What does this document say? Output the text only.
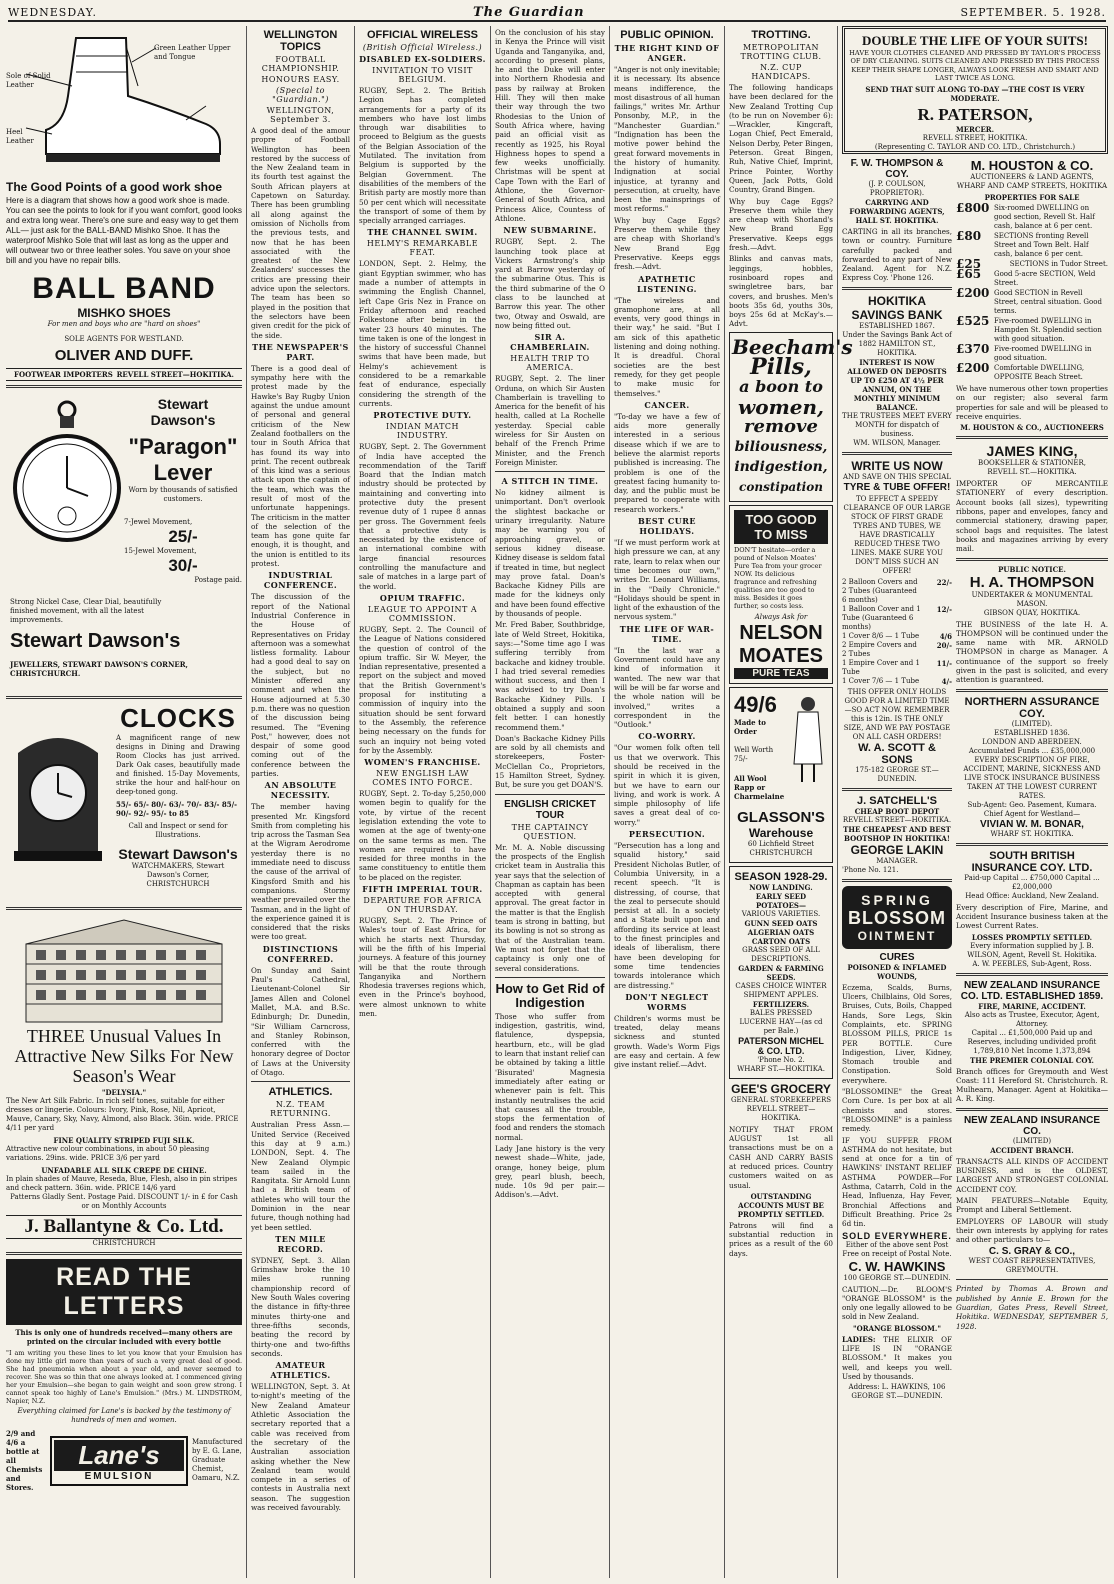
WEDNESDAY.	The Guardian	SEPTEMBER. 5. 1928.
Sole of Solid Leather
Green Leather Upper and Tongue
Heel Leather
The Good Points of a good work shoe
Here is a diagram that shows how a good work shoe is made. You can see the points to look for if you want comfort, good looks and extra long wear. There's one sure and easy way to get them ALL— just ask for the BALL-BAND Mishko Shoe. It has the waterproof Mishko Sole that will last as long as the upper and will outwear two or three leather soles. You save on your shoe bill and you have no repair bills.
BALL BAND
MISHKO SHOES
For men and boys who are "hard on shoes"
SOLE AGENTS FOR WESTLAND.
OLIVER AND DUFF.
FOOTWEAR IMPORTERS REVELL STREET—HOKITIKA.
Stewart Dawson's
"Paragon"
Lever
Worn by thousands of satisfied customers.
7-Jewel Movement,
25/-
15-Jewel Movement,
30/-
Postage paid.
Strong Nickel Case, Clear Dial, beautifully finished movement, with all the latest improvements.
Stewart Dawson's
JEWELLERS, STEWART DAWSON'S CORNER, CHRISTCHURCH.
CLOCKS
A magnificent range of new designs in Dining and Drawing Room Clocks has just arrived. Dark Oak cases, beautifully made and finished. 15-Day Movements, strike the hour and half-hour on deep-toned gong.
55/- 65/- 80/- 63/- 70/- 83/- 85/- 90/- 92/- 95/- to 85
Call and Inspect or send for Illustrations.
Stewart Dawson's
WATCHMAKERS, Stewart Dawson's Corner, CHRISTCHURCH
THREE Unusual Values In Attractive New Silks For New Season's Wear
"DELYSIA."
The New Art Silk Fabric. In rich self tones, suitable for either dresses or lingerie. Colours: Ivory, Pink, Rose, Nil, Apricot, Mauve, Canary, Sky, Navy, Almond, also Black. 36in. wide. PRICE 4/11 per yard
FINE QUALITY STRIPED FUJI SILK.
Attractive new colour combinations, in about 50 pleasing variations. 29ins. wide. PRICE 3/6 per yard
UNFADABLE ALL SILK CREPE DE CHINE.
In plain shades of Mauve, Reseda, Blue, Flesh, also in pin stripes and check pattern. 36in. wide. PRICE 14/6 yard
Patterns Gladly Sent. Postage Paid. DISCOUNT 1/- in £ for Cash or on Monthly Accounts
J. Ballantyne & Co. Ltd.
CHRISTCHURCH
READ THE LETTERS
This is only one of hundreds received—many others are printed on the circular included with every bottle
"I am writing you these lines to let you know that your Emulsion has done my little girl more than years of such a very great deal of good. She had pneumonia when about a year old, and never seemed to recover. She was so thin that one always looked at. I commenced giving her your Emulsion—she began to gain weight and soon grew strong. I cannot speak too highly of Lane's Emulsion." (Mrs.) M. LINDSTROM, Napier, N.Z.
Everything claimed for Lane's is backed by the testimony of hundreds of men and women.
2/9 and 4/6 a bottle at all Chemists and Stores.
Lane's
EMULSION
Manufactured by E. G. Lane, Graduate Chemist, Oamaru, N.Z.
WELLINGTON TOPICS
FOOTBALL CHAMPIONSHIP.
HONOURS EASY.
(Special to "Guardian.")
WELLINGTON, September 3.
A good deal of the amour propre of Football Wellington has been restored by the success of the New Zealand team in its fourth test against the South African players at Capetown on Saturday. There has been grumbling all along against the omission of Nicholls from the previous tests, and now that he has been associated with the greatest of the New Zealanders' successes the critics are pressing their advice upon the selectors. The team has been so played in the position that the selectors have been given credit for the pick of the side.
THE NEWSPAPER'S PART.
There is a good deal of sympathy here with the protest made by the Hawke's Bay Rugby Union against the undue amount of personal and general criticism of the New Zealand footballers on the tour in South Africa that has found its way into print. The recent outbreak of this kind was a serious attack upon the captain of the team, which was the result of most of the unfortunate happenings. The criticism in the matter of the selection of the team has gone quite far enough, it is thought, and the union is entitled to its protest.
INDUSTRIAL CONFERENCE.
The discussion of the report of the National Industrial Conference in the House of Representatives on Friday afternoon was a somewhat listless formality. Labour had a good deal to say on the subject, but no Minister offered any comment and when the House adjourned at 5.30 p.m. there was no question of the discussion being resumed. The "Evening Post," however, does not despair of some good coming out of the conference between the parties.
AN ABSOLUTE NECESSITY.
The member having presented Mr. Kingsford Smith from completing his trip across the Tasman Sea at the Wigram Aerodrome yesterday there is no immediate need to discuss the cause of the arrival of Kingsford Smith and his companions. Stormy weather prevailed over the Tasman, and in the light of the experience gained it is considered that the risks were too great.
DISTINCTIONS CONFERRED.
On Sunday and Saint Paul's Cathedral, Lieutenant-Colonel Sir James Allen and Colonel Mallet, M.A. and B.Sc. Edinburgh; Dr. Dunedin, "Sir William Carncross, and Stanley Robinson, conferred with the honorary degree of Doctor of Laws at the University of Otago.
ATHLETICS.
N.Z. TEAM RETURNING.
Australian Press Assn.—United Service (Received this day at 9 a.m.) LONDON, Sept. 4. The New Zealand Olympic team sailed in the Rangitata. Sir Arnold Lunn had a British team of athletes who will tour the Dominion in the near future, though nothing had yet been settled.
TEN MILE RECORD.
SYDNEY, Sept. 3. Allan Grimshaw broke the 10 miles running championship record of New South Wales covering the distance in fifty-three minutes thirty-one and three-fifths seconds, beating the record by thirty-one and two-fifths seconds.
AMATEUR ATHLETICS.
WELLINGTON, Sept. 3. At to-night's meeting of the New Zealand Amateur Athletic Association the secretary reported that a cable was received from the secretary of the Australian association asking whether the New Zealand team would compete in a series of contests in Australia next season. The suggestion was received favourably.
OFFICIAL WIRELESS
(British Official Wireless.)
DISABLED EX-SOLDIERS.
INVITATION TO VISIT BELGIUM.
RUGBY, Sept. 2. The British Legion has completed arrangements for a party of its members who have lost limbs through war disabilities to proceed to Belgium as the guests of the Belgian Association of the Mutilated. The invitation from Belgium is supported by the Belgian Government. The disabilities of the members of the British party are mostly more than 50 per cent which will necessitate the transport of some of them by specially arranged carriages.
THE CHANNEL SWIM.
HELMY'S REMARKABLE FEAT.
LONDON, Sept. 2. Helmy, the giant Egyptian swimmer, who has made a number of attempts in swimming the English Channel, left Cape Gris Nez in France on Friday afternoon and reached Folkestone after being in the water 23 hours 40 minutes. The time taken is one of the longest in the history of successful Channel swims that have been made, but Helmy's achievement is considered to be a remarkable feat of endurance, especially considering the strength of the currents.
PROTECTIVE DUTY.
INDIAN MATCH INDUSTRY.
RUGBY, Sept. 2. The Government of India have accepted the recommendation of the Tariff Board that the Indian match industry should be protected by maintaining and converting into protective duty the present revenue duty of 1 rupee 8 annas per gross. The Government feels that a protective duty is necessitated by the existence of an international combine with large financial resources controlling the manufacture and sale of matches in a large part of the world.
OPIUM TRAFFIC.
LEAGUE TO APPOINT A COMMISSION.
RUGBY, Sept. 2. The Council of the League of Nations considered the question of control of the opium traffic. Sir W. Meyer, the Indian representative, presented a report on the subject and moved that the British Government's proposal for instituting a commission of inquiry into the situation should be sent forward to the Assembly, the reference being necessary on the funds for such an inquiry not being voted for by the Assembly.
WOMEN'S FRANCHISE.
NEW ENGLISH LAW COMES INTO FORCE.
RUGBY, Sept. 2. To-day 5,250,000 women begin to qualify for the vote, by virtue of the recent legislation extending the vote to women at the age of twenty-one on the same terms as men. The women are required to have resided for three months in the same constituency to entitle them to be placed on the register.
FIFTH IMPERIAL TOUR.
DEPARTURE FOR AFRICA ON THURSDAY.
RUGBY, Sept. 2. The Prince of Wales's tour of East Africa, for which he starts next Thursday, will be the fifth of his Imperial journeys. A feature of this journey will be that the route through Tanganyika and Northern Rhodesia traverses regions which, even in the Prince's boyhood, were almost unknown to white men.
On the conclusion of his stay in Kenya the Prince will visit Uganda and Tanganyika, and, according to present plans, he and the Duke will enter into Northern Rhodesia and pass by railway at Broken Hill. They will then make their way through the two Rhodesias to the Union of South Africa where, having paid an official visit as recently as 1925, his Royal Highness hopes to spend a few weeks unofficially. Christmas will be spent at Cape Town with the Earl of Athlone, the Governor-General of South Africa, and Princess Alice, Countess of Athlone.
NEW SUBMARINE.
RUGBY, Sept. 2. The launching took place at Vickers Armstrong's ship yard at Barrow yesterday of the submarine Otus. This is the third submarine of the O class to be launched at Barrow this year. The other two, Otway and Oswald, are now being fitted out.
SIR A. CHAMBERLAIN.
HEALTH TRIP TO AMERICA.
RUGBY, Sept. 2. The liner Orduna, on which Sir Austen Chamberlain is travelling to America for the benefit of his health, called at La Rochelle yesterday. Special cable wireless for Sir Austen on behalf of the French Prime Minister, and the French Foreign Minister.
A STITCH IN TIME.
No kidney ailment is unimportant. Don't overlook the slightest backache or urinary irregularity. Nature may be warning you of approaching gravel, or serious kidney disease. Kidney disease is seldom fatal if treated in time, but neglect may prove fatal. Doan's Backache Kidney Pills are made for the kidneys only and have been found effective by thousands of people.
Mr. Fred Baber, Southbridge, late of Weld Street, Hokitika, says:—"Some time ago I was suffering terribly from backache and kidney trouble. I had tried several remedies without success, and then I was advised to try Doan's Backache Kidney Pills. I obtained a supply and soon felt better. I can honestly recommend them."
Doan's Backache Kidney Pills are sold by all chemists and storekeepers, Foster-McClellan Co., Proprietors, 15 Hamilton Street, Sydney. But, be sure you get DOAN'S.
ENGLISH CRICKET TOUR
THE CAPTAINCY QUESTION.
Mr. M. A. Noble discussing the prospects of the English cricket team in Australia this year says that the selection of Chapman as captain has been accepted with general approval. The great factor in the matter is that the English team is strong in batting, but its bowling is not so strong as that of the Australian team. We must not forget that the captaincy is only one of several considerations.
How to Get Rid of Indigestion
Those who suffer from indigestion, gastritis, wind, flatulence, dyspepsia, heartburn, etc., will be glad to learn that instant relief can be obtained by taking a little 'Bisurated' Magnesia immediately after eating or whenever pain is felt. This instantly neutralises the acid that causes all the trouble, stops the fermentation of food and renders the stomach normal.
Lady Jane history is the very newest shade—White, jade, orange, honey beige, plum grey, pearl blush, beech, nude. 10s 9d per pair.—Addison's.—Advt.
PUBLIC OPINION.
THE RIGHT KIND OF ANGER.
"Anger is not only inevitable; it is necessary. Its absence means indifference, the most disastrous of all human failings," writes Mr. Arthur Ponsonby, M.P., in the "Manchester Guardian." "Indignation has been the motive power behind the great forward movements in the history of humanity. Indignation at social injustice, at tyranny and persecution, at cruelty, have been the mainsprings of most reforms."
Why buy Cage Eggs? Preserve them while they are cheap with Shorland's New Brand Egg Preservative. Keeps eggs fresh.—Advt.
APATHETIC LISTENING.
"The wireless and gramophone are, at all events, very good things in their way," he said. "But I am sick of this apathetic listening and doing nothing. It is dreadful. Choral societies are the best remedy, for they get people to make music for themselves."
CANCER.
"To-day we have a few of aids more generally interested in a serious disease which if we are to believe the alarmist reports published is increasing. The problem is one of the greatest facing humanity to-day, and the public must be prepared to cooperate with research workers."
BEST CURE HOLIDAYS.
"If we must perform work at high pressure we can, at any rate, learn to relax when our time becomes our own," writes Dr. Leonard Williams, in the "Daily Chronicle." "Holidays should be spent in light of the exhaustion of the nervous system."
THE LIFE OF WAR-TIME.
"In the last war a Government could have any kind of information it wanted. The new war that will be will be far worse and the whole nation will be involved," writes a correspondent in the "Outlook."
CO-WORRY.
"Our women folk often tell us that we overwork. This should be received in the spirit in which it is given, but we have to earn our living, and work is work. A simple philosophy of life saves a great deal of co-worry."
PERSECUTION.
"Persecution has a long and squalid history," said President Nicholas Butler, of Columbia University, in a recent speech. "It is distressing, of course, that the zeal to persecute should persist at all. In a society and a State built upon and affording its service at least to the finest principles and ideals of liberalism, there have been developing for some time tendencies towards intolerance which are distressing."
DON'T NEGLECT WORMS
Children's worms must be treated, delay means sickness and stunted growth. Wade's Worm Figs are easy and certain. A few give instant relief.—Advt.
TROTTING.
METROPOLITAN TROTTING CLUB.
N.Z. CUP HANDICAPS.
The following handicaps have been declared for the New Zealand Trotting Cup (to be run on November 6):—Wrackler, Kingcraft, Logan Chief, Pect Emerald, Nelson Derby, Peter Bingen, Peterson. Great Bingen, Ruh, Native Chief, Imprint, Prince Pointer, Worthy Queen, Jack Potts, Gold Country, Grand Bingen.
Why buy Cage Eggs? Preserve them while they are cheap with Shorland's New Brand Egg Preservative. Keeps eggs fresh.—Advt.
Blinks and canvas mats, leggings, hobbles, rosinboard ropes and swingletree bars, bar covers, and brushes. Men's boots 35s 6d, youths 30s, boys 25s 6d at McKay's.—Advt.
Beecham's
Pills,
a boon to
women,
remove
biliousness,
indigestion,
constipation
TOO GOOD TO MISS
DON'T hesitate—order a pound of Nelson Moates' Pure Tea from your grocer NOW. Its delicious fragrance and refreshing qualities are too good to miss. Besides it goes further, so costs less.
Always Ask for
NELSON
MOATES
PURE TEAS
49/6
Made to Order
Well Worth 75/-
All Wool Rapp or Charmelaine
GLASSON'S
Warehouse
60 Lichfield Street CHRISTCHURCH
SEASON 1928-29.
NOW LANDING.
EARLY SEED POTATOES—
VARIOUS VARIETIES.
GUNN SEED OATS ALGERIAN OATS CARTON OATS
GRASS SEED OF ALL DESCRIPTIONS.
GARDEN & FARMING SEEDS.
CASES CHOICE WINTER SHIPMENT APPLES.
FERTILIZERS.
BALES PRESSED LUCERNE HAY—(as cd per Bale.)
PATERSON MICHEL & CO. LTD.
'Phone No. 2.
WHARF ST.—HOKITIKA.
GEE'S GROCERY
GENERAL STOREKEEPERS
REVELL STREET—HOKITIKA.
NOTIFY THAT FROM AUGUST 1st all transactions must be on a CASH AND CARRY BASIS at reduced prices. Country customers waited on as usual.
OUTSTANDING ACCOUNTS MUST BE PROMPTLY SETTLED.
Patrons will find a substantial reduction in prices as a result of the 60 days.
DOUBLE THE LIFE OF YOUR SUITS!
HAVE YOUR CLOTHES CLEANED AND PRESSED BY TAYLOR'S PROCESS OF DRY CLEANING. SUITS CLEANED AND PRESSED BY THIS PROCESS KEEP THEIR SHAPE LONGER, ALWAYS LOOK FRESH AND SMART AND LAST TWICE AS LONG.
SEND THAT SUIT ALONG TO-DAY —THE COST IS VERY MODERATE.
R. PATERSON,
MERCER.
REVELL STREET, HOKITIKA.
(Representing C. TAYLOR AND CO. LTD., Christchurch.)
F. W. THOMPSON & COY.
(J. P. COULSON, PROPRIETOR).
CARRYING AND FORWARDING AGENTS, HALL ST. HOKITIKA.
CARTING in all its branches, town or country. Furniture carefully packed and forwarded to any part of New Zealand. Agent for N.Z. Express Coy. 'Phone 126.
HOKITIKA SAVINGS BANK
ESTABLISHED 1867.
Under the Savings Bank Act of 1882 HAMILTON ST., HOKITIKA.
INTEREST IS NOW ALLOWED ON DEPOSITS UP TO £250 AT 4½ PER ANNUM, ON THE MONTHLY MINIMUM BALANCE.
THE TRUSTEES MEET EVERY MONTH for dispatch of business.
WM. WILSON, Manager.
WRITE US NOW
AND SAVE ON THIS SPECIAL
TYRE & TUBE OFFER!
TO EFFECT A SPEEDY CLEARANCE OF OUR LARGE STOCK OF FIRST GRADE TYRES AND TUBES, WE HAVE DRASTICALLY REDUCED THESE TWO LINES. MAKE SURE YOU DON'T MISS SUCH AN OFFER!
2 Balloon Covers and 2 Tubes (Guaranteed 6 months)
22/-
1 Balloon Cover and 1 Tube (Guaranteed 6 months)
12/-
1 Cover 8/6 — 1 Tube	4/6
2 Empire Covers and 2 Tubes
20/-
1 Empire Cover and 1 Tube
11/-
1 Cover 7/6 — 1 Tube	4/-
THIS OFFER ONLY HOLDS GOOD FOR A LIMITED TIME—SO ACT NOW. REMEMBER this is 12in. IS THE ONLY SIZE, AND WE PAY POSTAGE ON ALL CASH ORDERS!
W. A. SCOTT & SONS
175-182 GEORGE ST.—DUNEDIN.
J. SATCHELL'S
CHEAP BOOT DEPOT
REVELL STREET—HOKITIKA.
THE CHEAPEST AND BEST BOOTSHOP IN HOKITIKA!
GEORGE LAKIN
MANAGER.
'Phone No. 121.
SPRING
BLOSSOM
OINTMENT
CURES
POISONED & INFLAMED WOUNDS,
Eczema, Scalds, Burns, Ulcers, Chilblains, Old Sores, Bruises, Cuts, Boils, Chapped Hands, Sore Legs, Skin Complaints, etc. SPRING BLOSSOM PILLS, PRICE 1s PER BOTTLE. Cure Indigestion, Liver, Kidney, Stomach trouble and Constipation. Sold everywhere.
"BLOSSOMINE" the Great Corn Cure. 1s per box at all chemists and stores. "BLOSSOMINE" is a painless remedy.
IF YOU SUFFER FROM ASTHMA do not hesitate, but send at once for a tin of HAWKINS' INSTANT RELIEF ASTHMA POWDER—For Asthma, Catarrh, Cold in the Head, Influenza, Hay Fever, Bronchial Affections and Difficult Breathing. Price 2s 6d tin.
SOLD EVERYWHERE.
Either of the above sent Post Free on receipt of Postal Note.
C. W. HAWKINS
100 GEORGE ST.—DUNEDIN.
CAUTION.—Dr. BLOOM'S "ORANGE BLOSSOM" is the only one legally allowed to be sold in New Zealand.
"ORANGE BLOSSOM."
LADIES: THE ELIXIR OF LIFE IS IN "ORANGE BLOSSOM." It makes you well, and keeps you well. Used by thousands.
Address: L. HAWKINS, 106 GEORGE ST.—DUNEDIN.
M. HOUSTON & CO.
AUCTIONEERS & LAND AGENTS,
WHARF AND CAMP STREETS, HOKITIKA
PROPERTIES FOR SALE
£800 Six-roomed DWELLING on good section, Revell St. Half cash, balance at 6 per cent.
£80	SECTIONS fronting Revell Street and Town Belt. Half cash, balance 6 per cent.
£25	SECTIONS in Tudor Street.
£65	Good 5-acre SECTION, Weld Street.
£200 Good SECTION in Revell Street, central situation. Good terms.
£525 Five-roomed DWELLING in Hampden St. Splendid section with good situation.
£370 Five-roomed DWELLING in good situation.
£200 Comfortable DWELLING, OPPOSITE Beach Street.
We have numerous other town properties on our register; also several farm properties for sale and will be pleased to receive enquiries.
M. HOUSTON & CO., AUCTIONEERS
JAMES KING,
BOOKSELLER & STATIONER,
REVELL ST.—HOKITIKA.
IMPORTER OF MERCANTILE STATIONERY of every description. Account books (all sizes), typewriting ribbons, paper and envelopes, fancy and commercial stationery, drawing paper, school bags and requisites. The latest books and magazines arriving by every mail.
PUBLIC NOTICE.
H. A. THOMPSON
UNDERTAKER & MONUMENTAL MASON.
GIBSON QUAY, HOKITIKA.
THE BUSINESS of the late H. A. THOMPSON will be continued under the same name with MR. ARNOLD THOMPSON in charge as Manager. A continuance of the support so freely given in the past is solicited, and every attention is guaranteed.
NORTHERN ASSURANCE COY.
(LIMITED).
ESTABLISHED 1836.
LONDON AND ABERDEEN.
Accumulated Funds ... £35,000,000
EVERY DESCRIPTION OF FIRE, ACCIDENT, MARINE, SICKNESS AND LIVE STOCK INSURANCE BUSINESS TAKEN AT THE LOWEST CURRENT RATES.
Sub-Agent: Geo. Pasement, Kumara.
Chief Agent for Westland—
VIVIAN W. M. BONAR,
WHARF ST. HOKITIKA.
SOUTH BRITISH INSURANCE COY. LTD.
Paid-up Capital ... £750,000 Capital ... £2,000,000
Head Office: Auckland, New Zealand.
Every description of Fire, Marine, and Accident Insurance business taken at the Lowest Current Rates.
LOSSES PROMPTLY SETTLED.
Every information supplied by J. B. WILSON, Agent, Revell St. Hokitika.
A. W. PEEBLES, Sub-Agent, Ross.
NEW ZEALAND INSURANCE CO. LTD. ESTABLISHED 1859.
FIRE, MARINE, ACCIDENT.
Also acts as Trustee, Executor, Agent, Attorney.
Capital ... £1,500,000 Paid up and Reserves, including undivided profit 1,789,810 Net Income 1,373,894
THE PREMIER COLONIAL COY.
Branch offices for Greymouth and West Coast: 111 Hereford St. Christchurch. R. Mulhearn, Manager. Agent at Hokitika—A. R. King.
NEW ZEALAND INSURANCE CO.
(LIMITED)
ACCIDENT BRANCH.
TRANSACTS ALL KINDS OF ACCIDENT BUSINESS, and is the OLDEST, LARGEST AND STRONGEST COLONIAL ACCIDENT COY.
MAIN FEATURES—Notable Equity, Prompt and Liberal Settlement.
EMPLOYERS OF LABOUR will study their own interests by applying for rates and other particulars to—
C. S. GRAY & CO.,
WEST COAST REPRESENTATIVES, GREYMOUTH.
Printed by Thomas A. Brown and published by Annie E. Brown for the Guardian, Gates Press, Revell Street, Hokitika. WEDNESDAY, SEPTEMBER 5, 1928.
